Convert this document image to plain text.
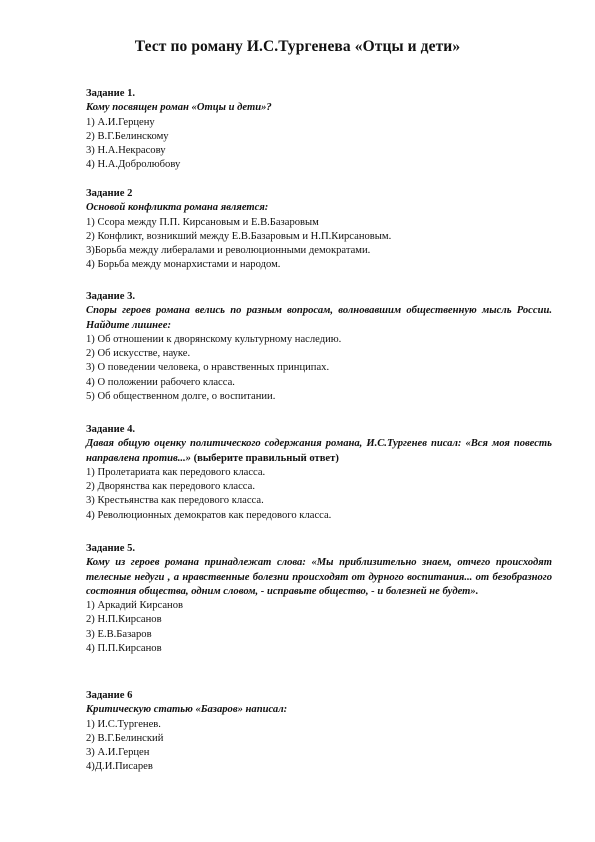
Тест по роману И.С.Тургенева «Отцы и дети»
Задание 1.
Кому посвящен роман «Отцы и дети»?
1) А.И.Герцену
2) В.Г.Белинскому
3) Н.А.Некрасову
4) Н.А.Добролюбову
Задание 2
Основой конфликта романа является:
1) Ссора между П.П. Кирсановым и Е.В.Базаровым
2) Конфликт, возникший между Е.В.Базаровым и Н.П.Кирсановым.
3)Борьба между либералами и революционными демократами.
4) Борьба между монархистами и народом.
Задание 3.
Споры героев романа велись по разным вопросам, волновавшим общественную мысль России. Найдите лишнее:
1) Об отношении к дворянскому культурному наследию.
2) Об искусстве, науке.
3) О поведении человека, о нравственных принципах.
4) О положении рабочего класса.
5) Об общественном долге, о воспитании.
Задание 4.
Давая общую оценку политического содержания романа, И.С.Тургенев писал: «Вся моя повесть направлена против...» (выберите правильный ответ)
1) Пролетариата как передового класса.
2) Дворянства как передового класса.
3) Крестьянства как передового класса.
4) Революционных демократов как передового класса.
Задание 5.
Кому из героев романа принадлежат слова: «Мы приблизительно знаем, отчего происходят телесные недуги , а нравственные болезни происходят от дурного воспитания... от безобразного состояния общества, одним словом, - исправьте общество, - и болезней не будет».
1) Аркадий Кирсанов
2) Н.П.Кирсанов
3) Е.В.Базаров
4) П.П.Кирсанов
Задание 6
Критическую статью «Базаров» написал:
1) И.С.Тургенев.
2) В.Г.Белинский
3) А.И.Герцен
4)Д.И.Писарев
